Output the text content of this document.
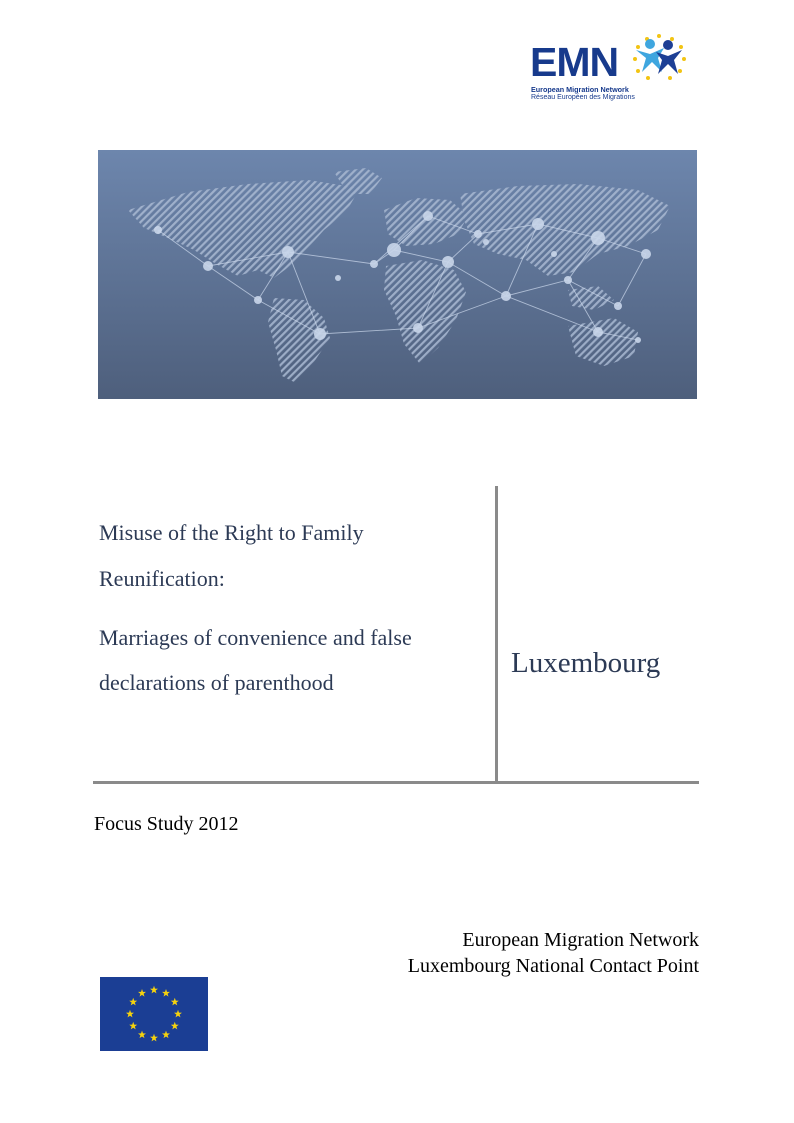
EMN
European Migration Network
Réseau Européen des Migrations
Misuse of the Right to Family
Reunification:
Marriages of convenience and false
declarations of parenthood
Luxembourg
Focus Study 2012
European Migration Network
Luxembourg National Contact Point
